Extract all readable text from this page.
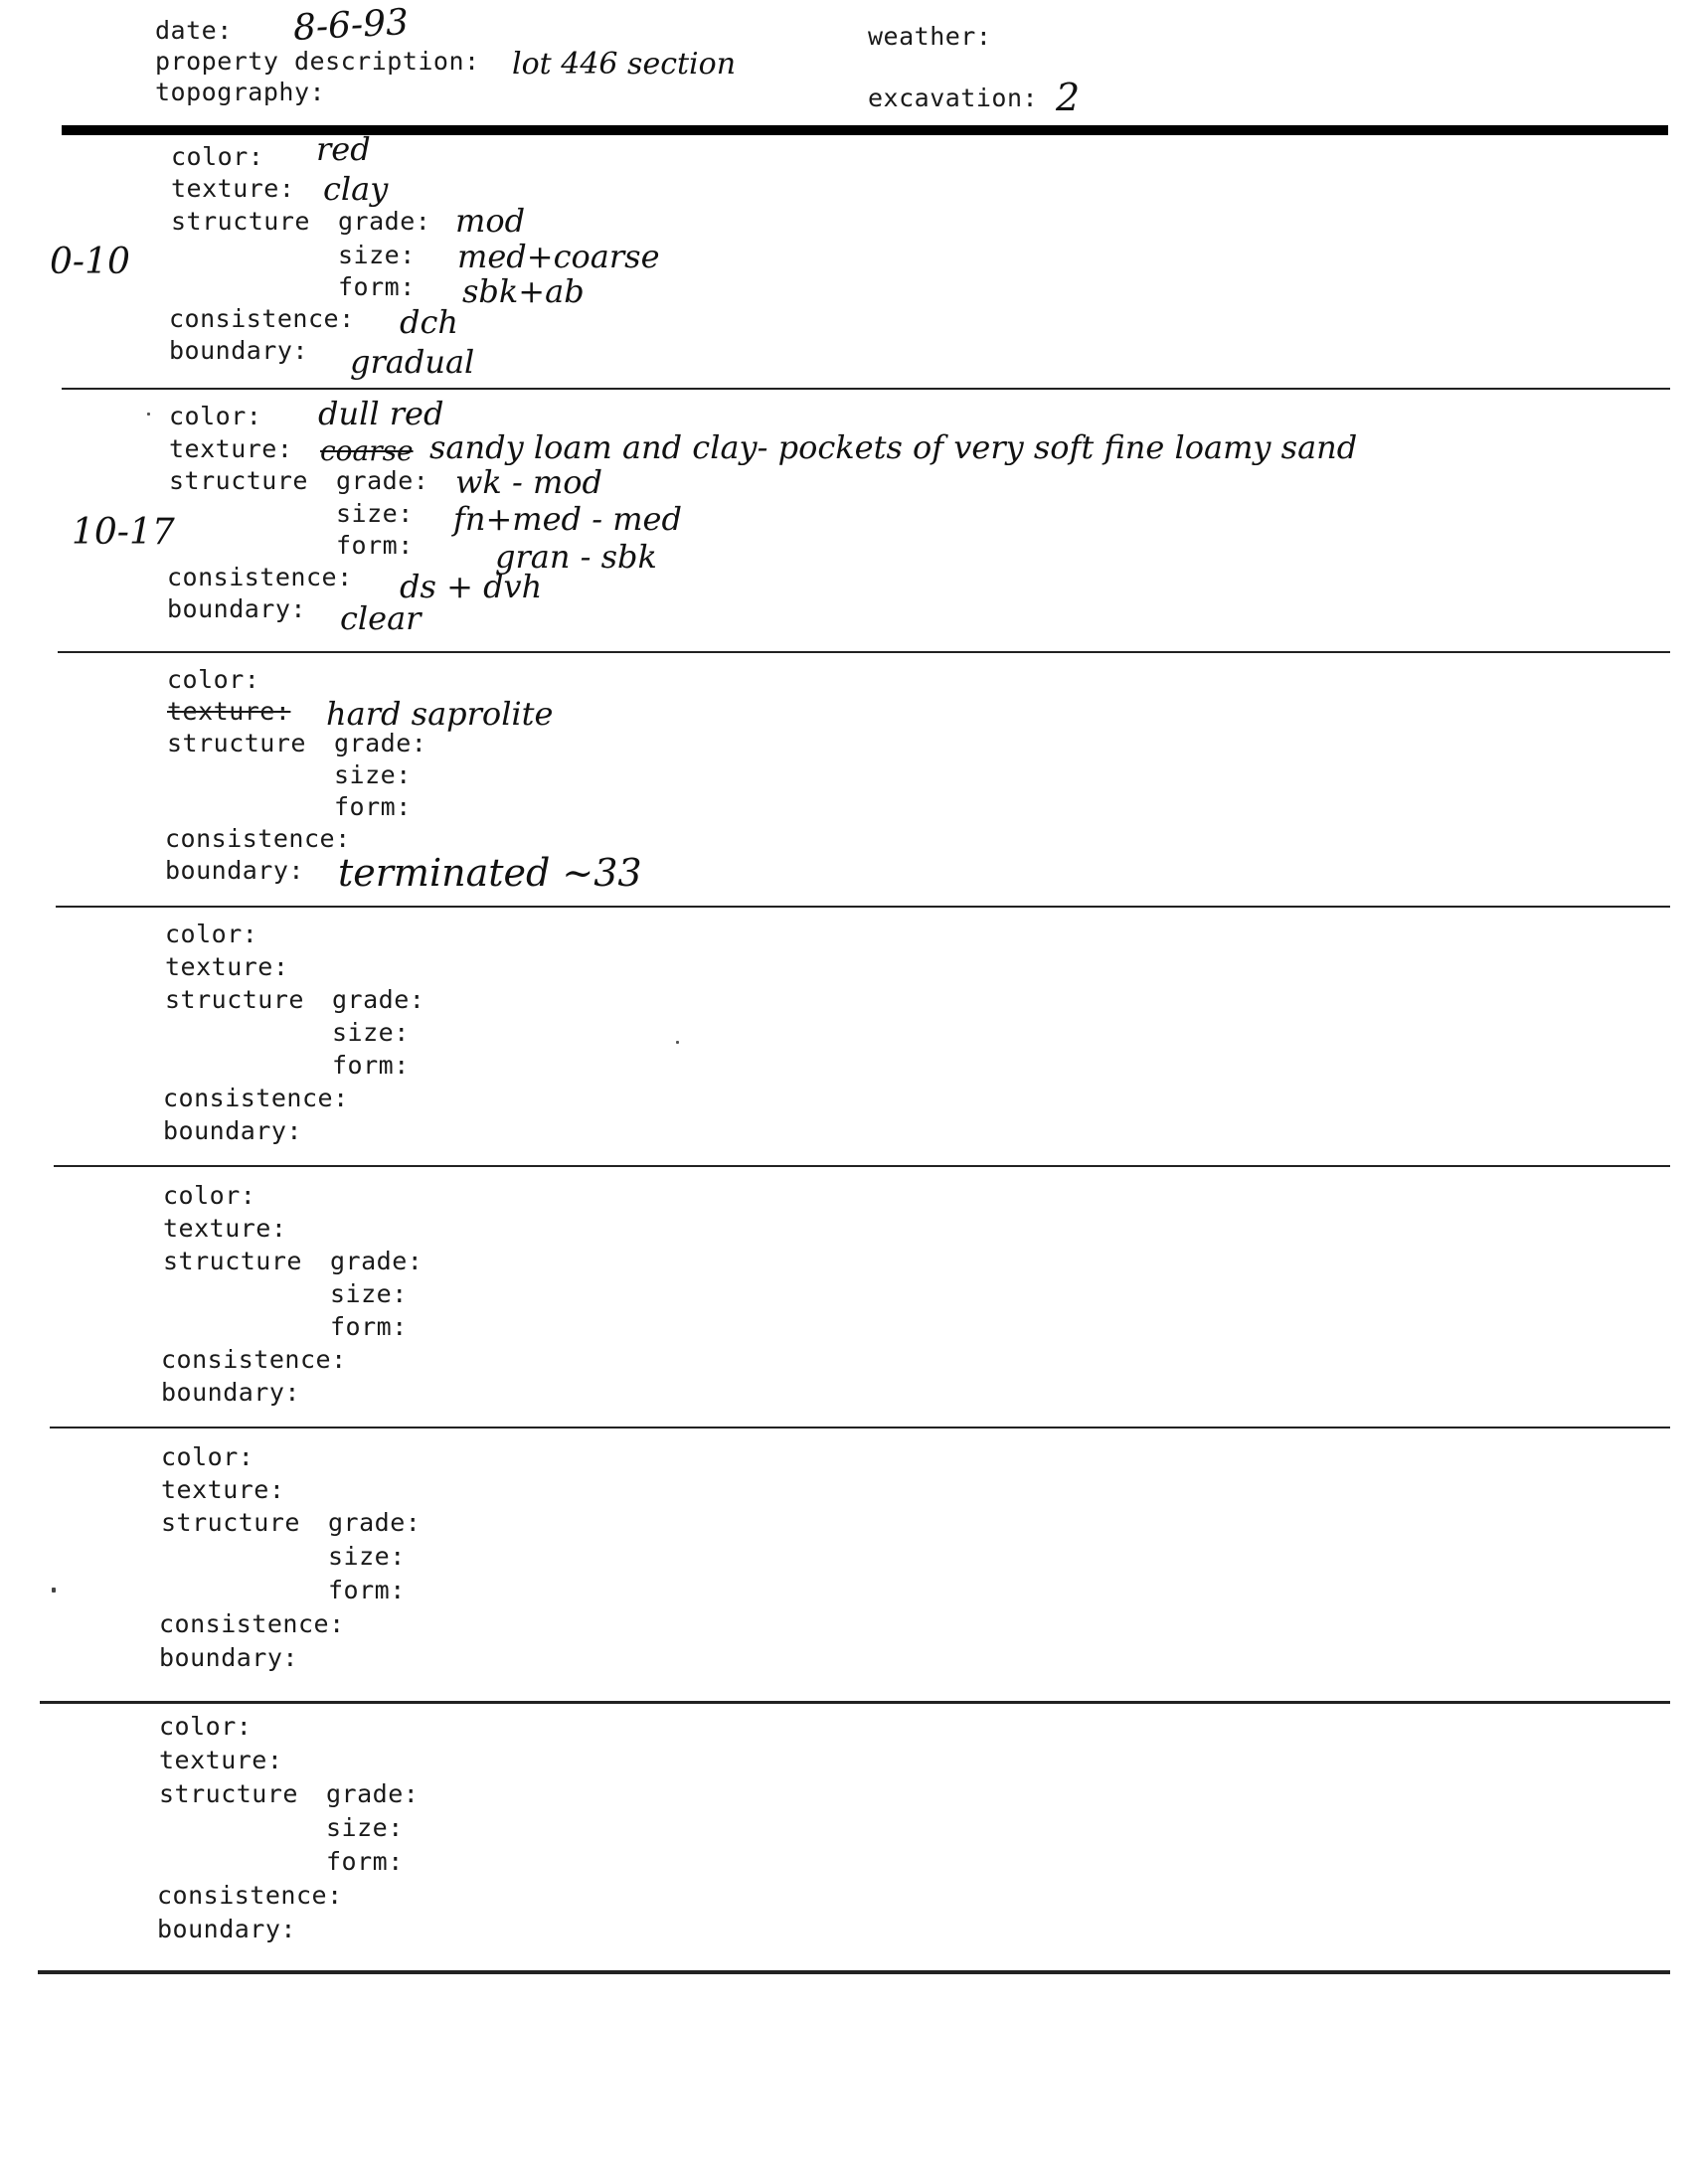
date: 8-6-93
property description: lot 446 section
topography:
weather:
excavation: 2
0-10
color: red
texture: clay
structure grade: mod
size: med+coarse
form: sbk+ab
consistence: dch
boundary: gradual
10-17
color: dull red
texture: coarse sandy loam and clay- pockets of very soft fine loamy sand
structure grade: wk - mod
size: fn+med - med
form:	gran - sbk
consistence: ds + dvh
boundary: clear
color:
texture: hard saprolite
structure grade:
size:
form:
consistence:
boundary: terminated ~33
color:
texture:
structure grade:
size:
form:
consistence:
boundary:
color:
texture:
structure grade:
size:
form:
consistence:
boundary:
color:
texture:
structure grade:
size:
form:
consistence:
boundary:
color:
texture:
structure grade:
size:
form:
consistence:
boundary:
